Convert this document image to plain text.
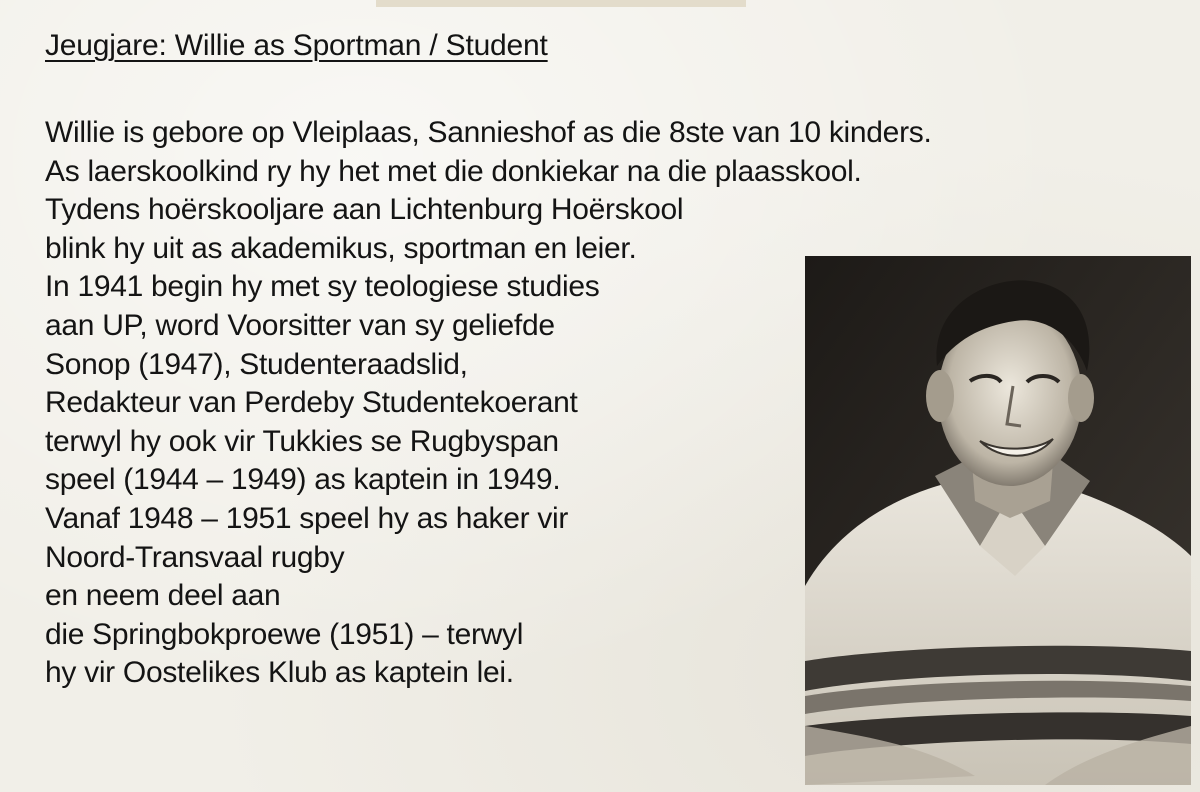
Jeugjare: Willie as Sportman / Student
Willie is gebore op Vleiplaas, Sannieshof as die 8ste van 10 kinders.
As laerskoolkind ry hy het met die donkiekar na die plaasskool.
Tydens hoërskooljare aan Lichtenburg Hoërskool
blink hy uit as akademikus, sportman en leier.
In 1941 begin hy met sy teologiese studies
aan UP, word Voorsitter van sy geliefde
Sonop (1947), Studenteraadslid,
Redakteur van Perdeby Studentekoerant
terwyl hy ook vir Tukkies se Rugbyspan
speel (1944 – 1949) as kaptein in 1949.
Vanaf 1948 – 1951 speel hy as haker vir
Noord-Transvaal rugby
en neem deel aan
die Springbokproewe (1951) – terwyl
hy vir Oostelikes Klub as kaptein lei.
